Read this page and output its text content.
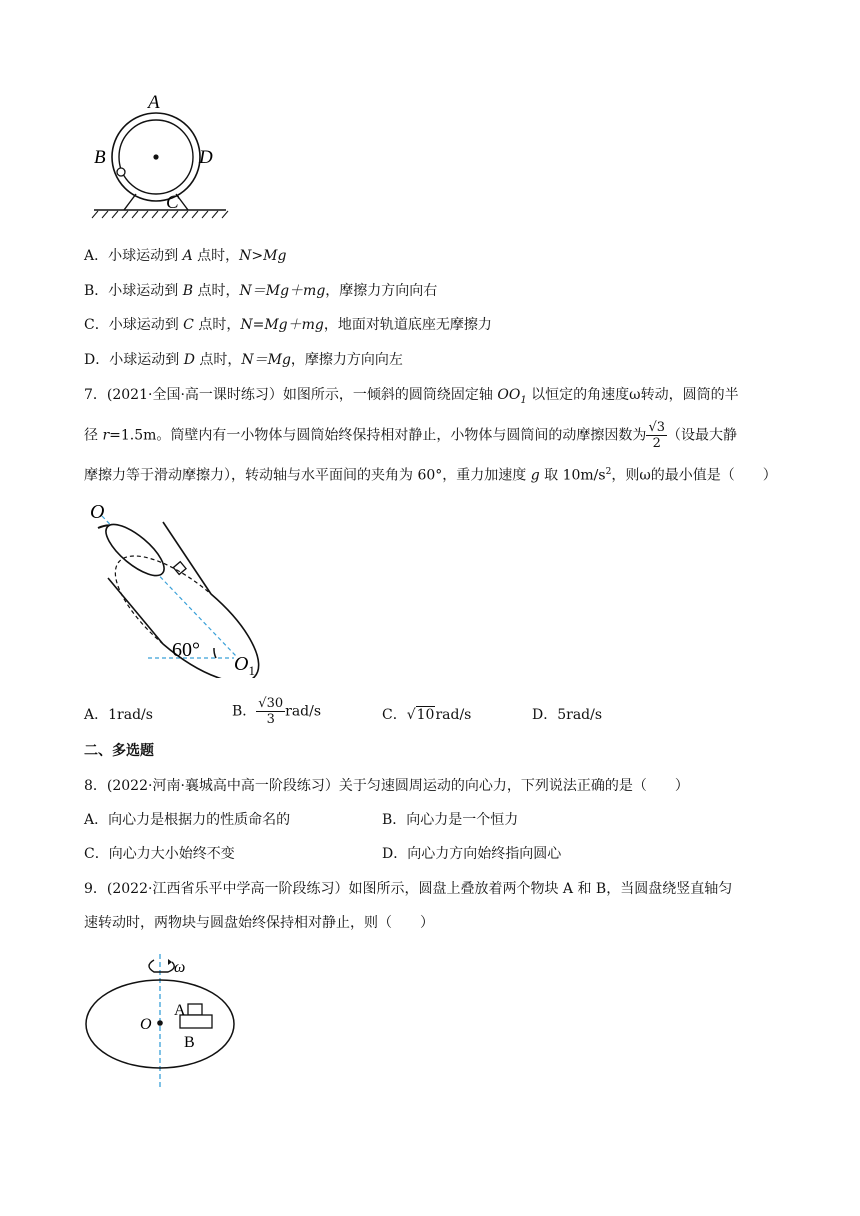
A
B	D
C
A．小球运动到 A 点时，N>Mg
B．小球运动到 B 点时，N＝Mg＋mg，摩擦力方向向右
C．小球运动到 C 点时，N=Mg＋mg，地面对轨道底座无摩擦力
D．小球运动到 D 点时，N＝Mg，摩擦力方向向左
7．(2021·全国·高一课时练习）如图所示，一倾斜的圆筒绕固定轴 $OO_1$ 以恒定的角速度ω转动，圆筒的半
径 r=1.5m。筒壁内有一小物体与圆筒始终保持相对静止，小物体与圆筒间的动摩擦因数为 $\frac{√3}{2}$ （设最大静
摩擦力等于滑动摩擦力），转动轴与水平面间的夹角为 60°，重力加速度 g 取 $10m/s^2$，则ω的最小值是（　　）
O
60°
$O_1$
A．1rad/s	B． $\frac{√30}{3} rad/s$	C．√10rad/s	D．5rad/s
二、多选题
8．(2022·河南·襄城高中高一阶段练习）关于匀速圆周运动的向心力，下列说法正确的是（　　）
A．向心力是根据力的性质命名的	B．向心力是一个恒力
C．向心力大小始终不变	D．向心力方向始终指向圆心
9．(2022·江西省乐平中学高一阶段练习）如图所示，圆盘上叠放着两个物块 A 和 B，当圆盘绕竖直轴匀
速转动时，两物块与圆盘始终保持相对静止，则（　　）
ω
O
A
B
